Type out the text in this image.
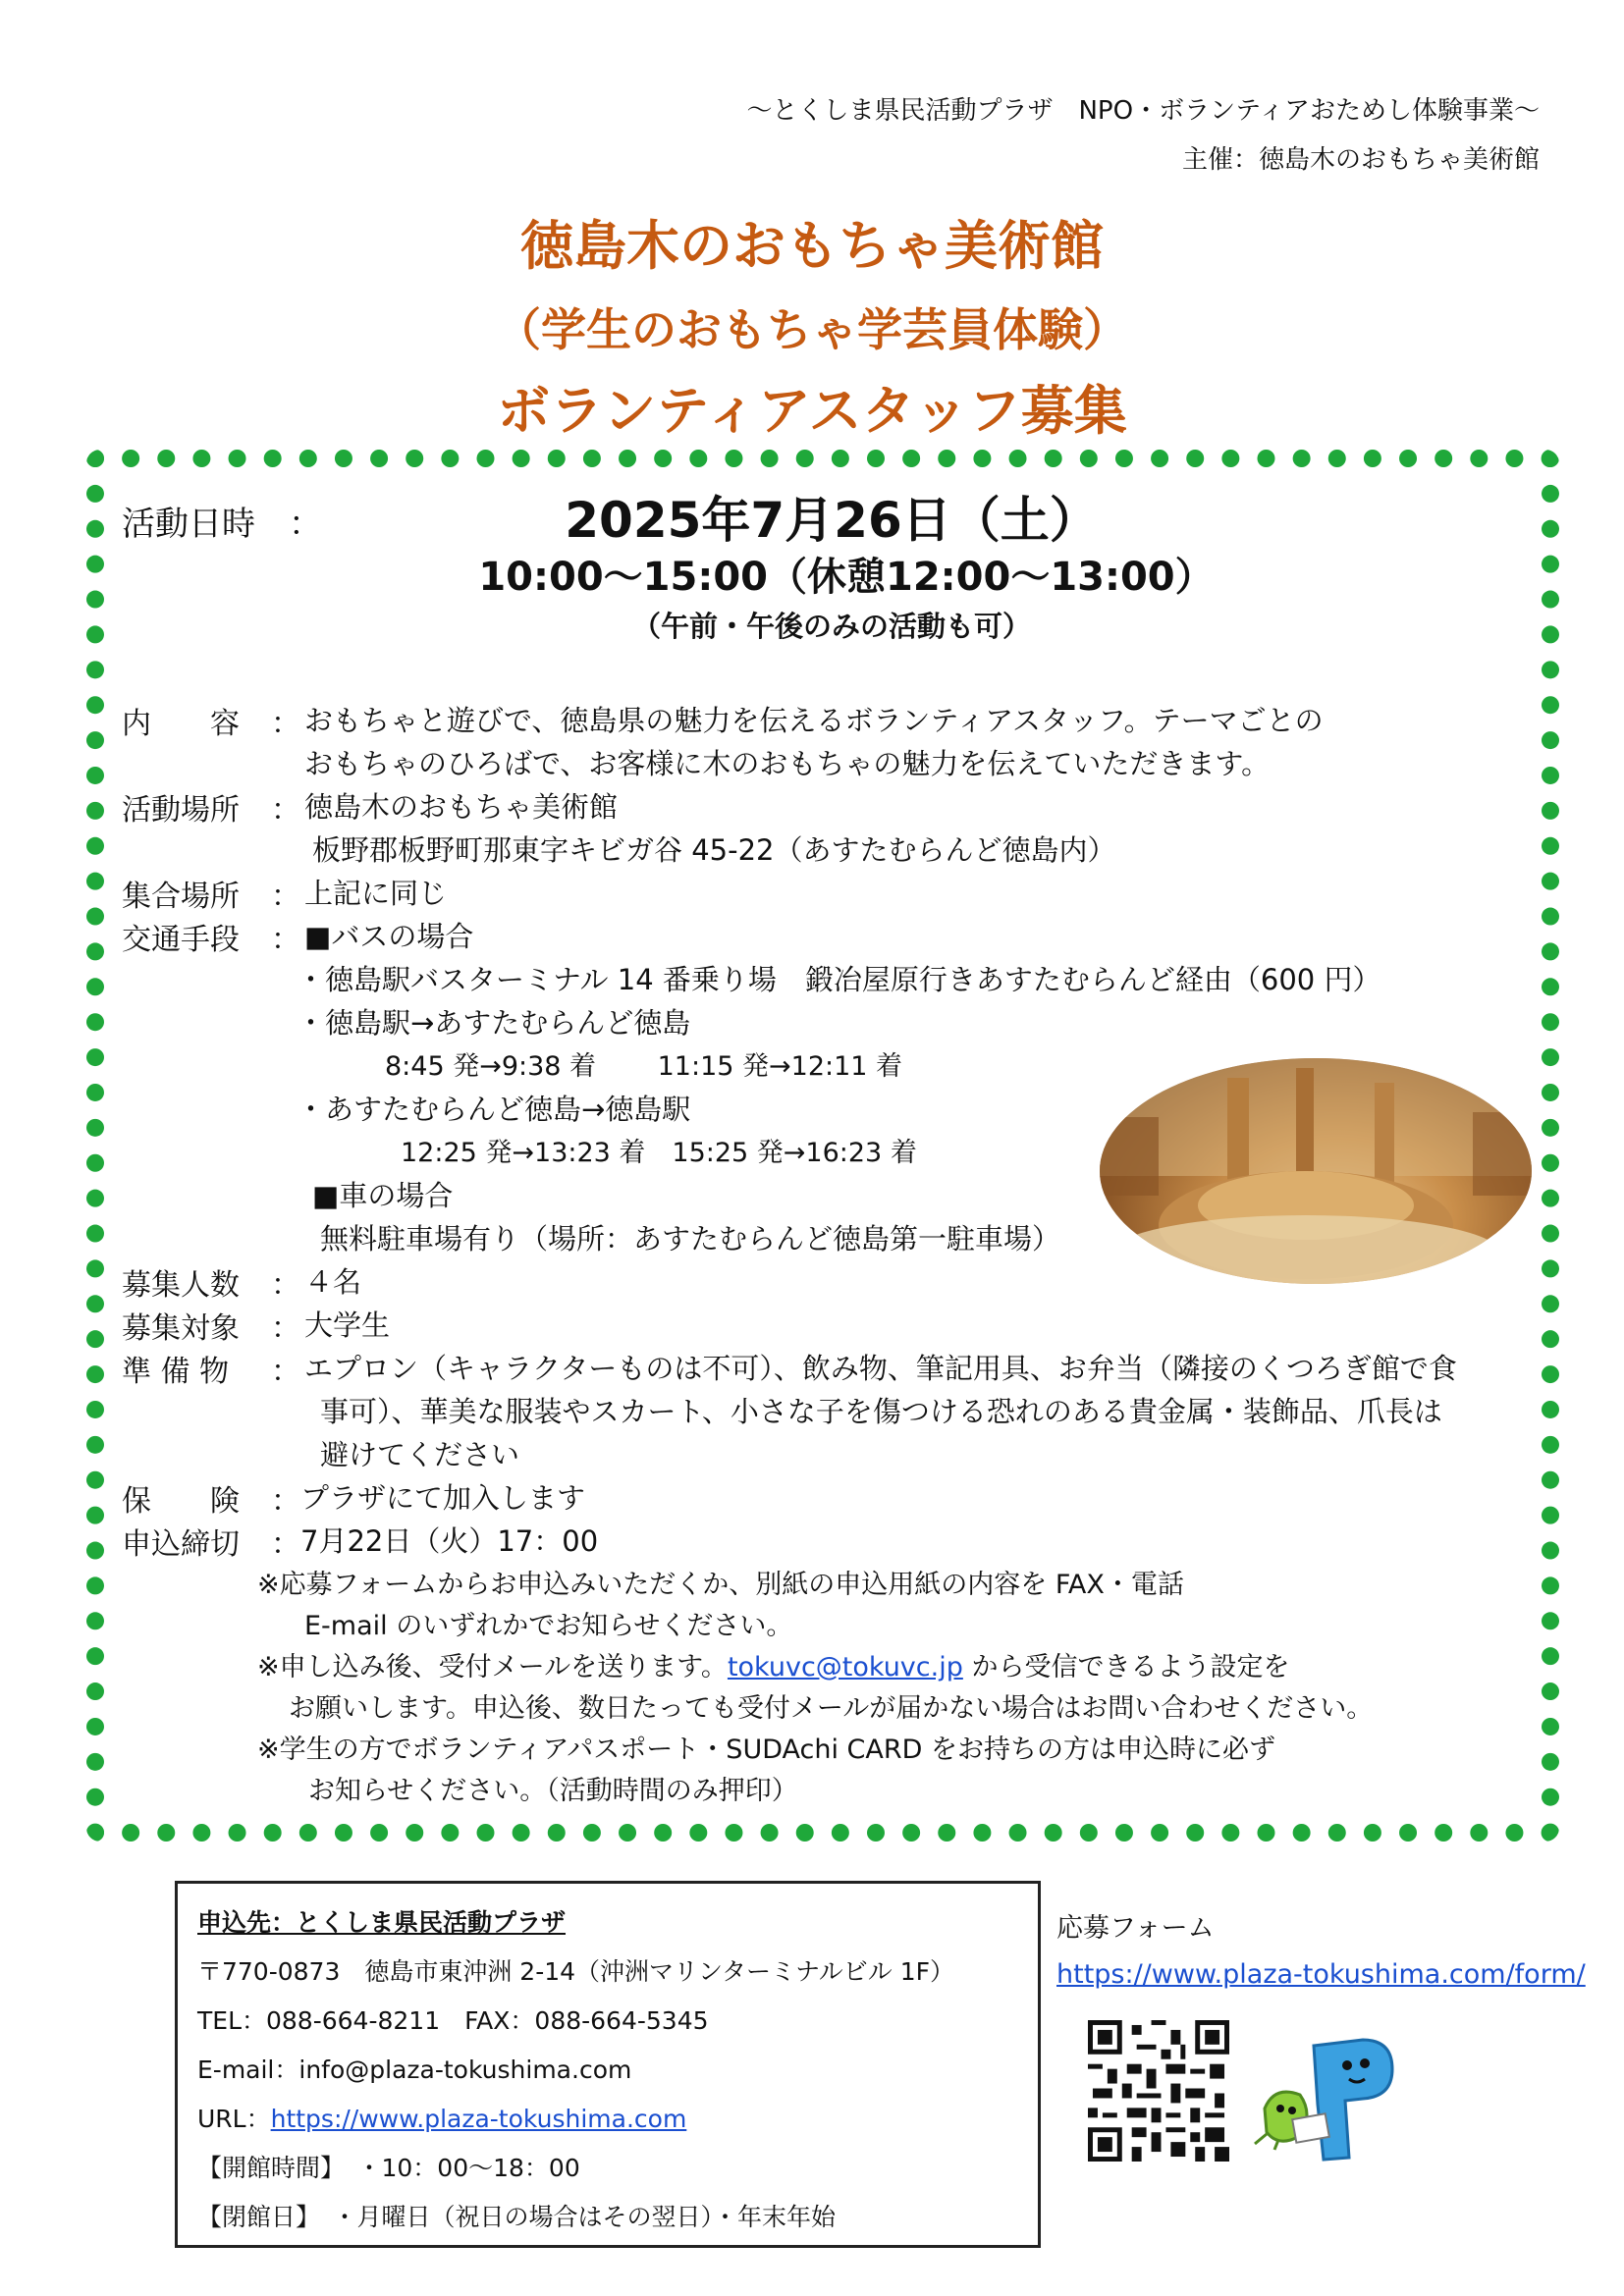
～とくしま県民活動プラザ　NPO・ボランティアおためし体験事業～
主催：徳島木のおもちゃ美術館
徳島木のおもちゃ美術館
（学生のおもちゃ学芸員体験）
ボランティアスタッフ募集
活動日時　：	2025年7月26日（土）
10:00～15:00（休憩12:00～13:00）
（午前・午後のみの活動も可）
内　　容 ： おもちゃと遊びで、徳島県の魅力を伝えるボランティアスタッフ。テーマごとの
おもちゃのひろばで、お客様に木のおもちゃの魅力を伝えていただきます。
活動場所 ： 徳島木のおもちゃ美術館
板野郡板野町那東字キビガ谷 45-22（あすたむらんど徳島内）
集合場所 ： 上記に同じ
交通手段 ： ■バスの場合
・徳島駅バスターミナル 14 番乗り場　鍛冶屋原行きあすたむらんど経由（600 円）
・徳島駅→あすたむらんど徳島
8:45 発→9:38 着　　 11:15 発→12:11 着
・あすたむらんど徳島→徳島駅
12:25 発→13:23 着　15:25 発→16:23 着
■車の場合
無料駐車場有り（場所：あすたむらんど徳島第一駐車場）
募集人数 ： ４名
募集対象 ： 大学生
準 備 物 ： エプロン（キャラクターものは不可）、飲み物、筆記用具、お弁当（隣接のくつろぎ館で食
事可）、華美な服装やスカート、小さな子を傷つける恐れのある貴金属・装飾品、爪長は
避けてください
保　　険 ： プラザにて加入します
申込締切 ： 7月22日（火）17：00
※応募フォームからお申込みいただくか、別紙の申込用紙の内容を FAX・電話
E-mail のいずれかでお知らせください。
※申し込み後、受付メールを送ります。tokuvc@tokuvc.jp から受信できるよう設定を
お願いします。申込後、数日たっても受付メールが届かない場合はお問い合わせください。
※学生の方でボランティアパスポート・SUDAchi CARD をお持ちの方は申込時に必ず
お知らせください。（活動時間のみ押印）
申込先：とくしま県民活動プラザ
〒770-0873　徳島市東沖洲 2-14（沖洲マリンターミナルビル 1F）
TEL：088-664-8211　FAX：088-664-5345
E-mail：info@plaza-tokushima.com
URL：https://www.plaza-tokushima.com
【開館時間】　・10：00～18：00
【閉館日】　・月曜日（祝日の場合はその翌日）・年末年始
応募フォーム
https://www.plaza-tokushima.com/form/
